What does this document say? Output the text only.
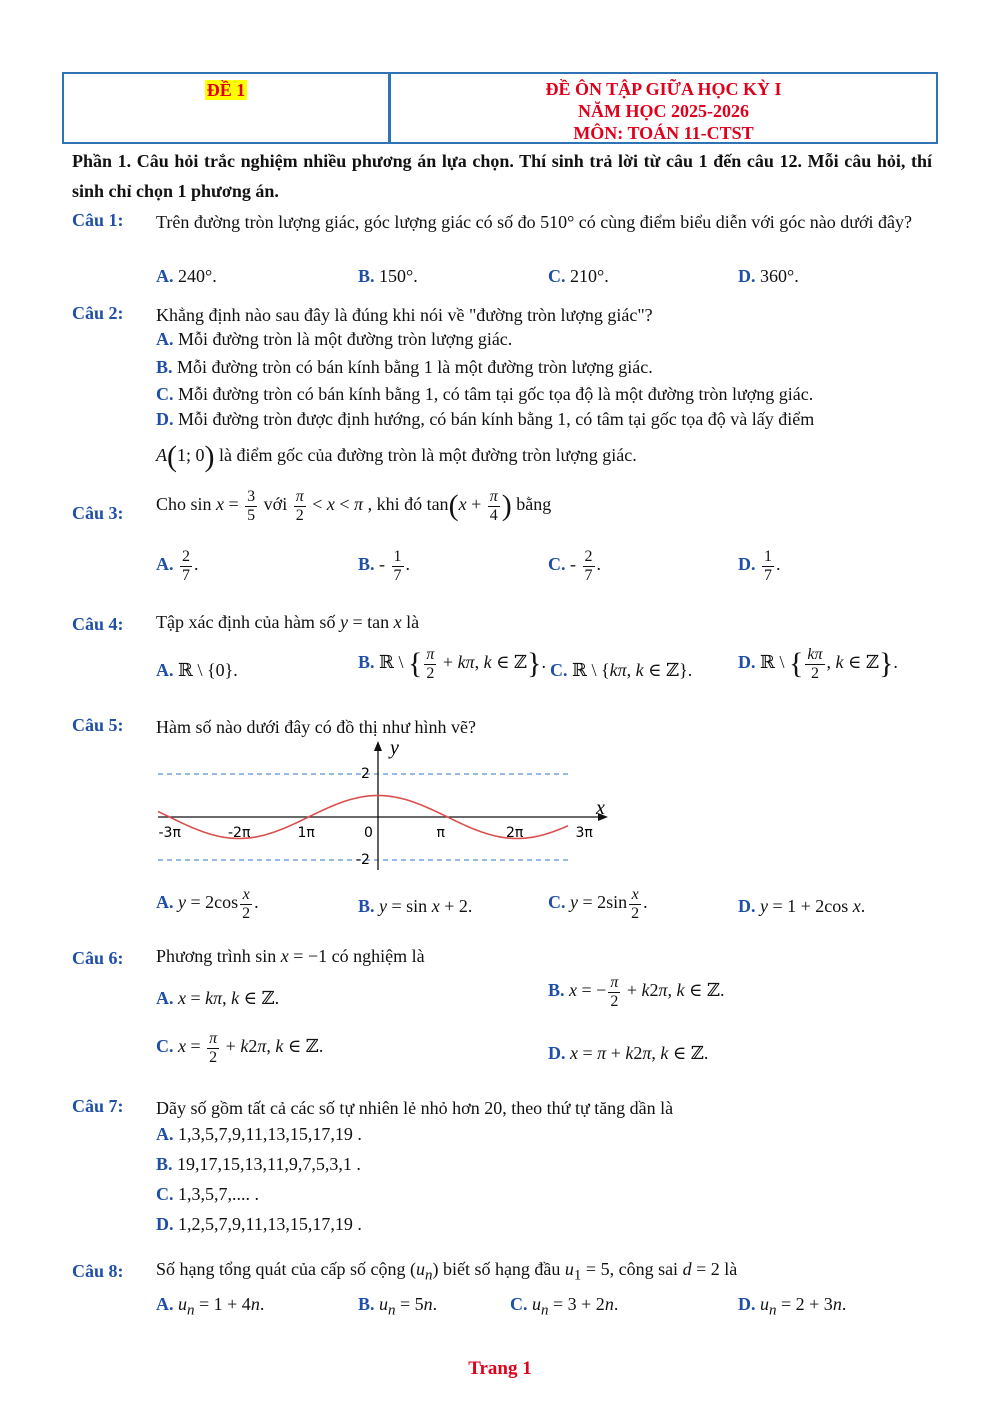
ĐỀ 1	ĐỀ ÔN TẬP GIỮA HỌC KỲ I
NĂM HỌC 2025-2026
MÔN: TOÁN 11-CTST
Phần 1. Câu hỏi trắc nghiệm nhiều phương án lựa chọn. Thí sinh trả lời từ câu 1 đến câu 12. Mỗi câu hỏi, thí sinh chỉ chọn 1 phương án.
Câu 1: Trên đường tròn lượng giác, góc lượng giác có số đo 510° có cùng điểm biểu diễn với góc nào dưới đây?
A. 240°.	B. 150°.	C. 210°.	D. 360°.
Câu 2: Khẳng định nào sau đây là đúng khi nói về "đường tròn lượng giác"?
A. Mỗi đường tròn là một đường tròn lượng giác.
B. Mỗi đường tròn có bán kính bằng 1 là một đường tròn lượng giác.
C. Mỗi đường tròn có bán kính bằng 1, có tâm tại gốc tọa độ là một đường tròn lượng giác.
D. Mỗi đường tròn được định hướng, có bán kính bằng 1, có tâm tại gốc tọa độ và lấy điểm
A(1; 0) là điểm gốc của đường tròn là một đường tròn lượng giác.
Câu 3: Cho $\sin x = \frac{3}{5}$ với $\frac{\pi}{2} < x < \pi$ , khi đó $\tan(x + \frac{\pi}{4}$ ) bằng
A. $\frac{2}{7}$ .	B. - $\frac{1}{7}$ .	C. - $\frac{2}{7}$ .	D. $\frac{1}{7}$ .
Câu 4: Tập xác định của hàm số y = tan x là
A. ℝ \ {0}.	B. ℝ \ { $\frac{\pi}{2} + k\pi$, k ∈ ℤ}. C. ℝ \ {kπ, k ∈ ℤ}.	D. ℝ \ { $\frac{k\pi}{2}$ , k ∈ ℤ}.
Câu 5: Hàm số nào dưới đây có đồ thị như hình vẽ?
y
x
2
-2
-3π	-2π	1π	0	π	2π	3π
A. $y = 2\cos \frac{x}{2}$ .	B. y = sin x + 2.	C. $y = 2\sin \frac{x}{2}$ .	D. y = 1 + 2cos x.
Câu 6: Phương trình sin x = −1 có nghiệm là
A. x = kπ, k ∈ ℤ.	B. x = − $\frac{\pi}{2} + k2\pi$, k ∈ ℤ.
C. $x = \frac{\pi}{2} + k2\pi$, k ∈ ℤ.	D. x = π + k2π, k ∈ ℤ.
Câu 7: Dãy số gồm tất cả các số tự nhiên lẻ nhỏ hơn 20, theo thứ tự tăng dần là
A. 1,3,5,7,9,11,13,15,17,19 .
B. 19,17,15,13,11,9,7,5,3,1 .
C. 1,3,5,7,.... .
D. 1,2,5,7,9,11,13,15,17,19 .
Câu 8: Số hạng tổng quát của cấp số cộng $(u_n)$ biết số hạng đầu $u_1 = 5$, công sai d = 2 là
A. $u_n = 1 + 4n$.	B. $u_n = 5n$.	C. $u_n = 3 + 2n$.	D. $u_n = 2 + 3n$.
Trang 1
